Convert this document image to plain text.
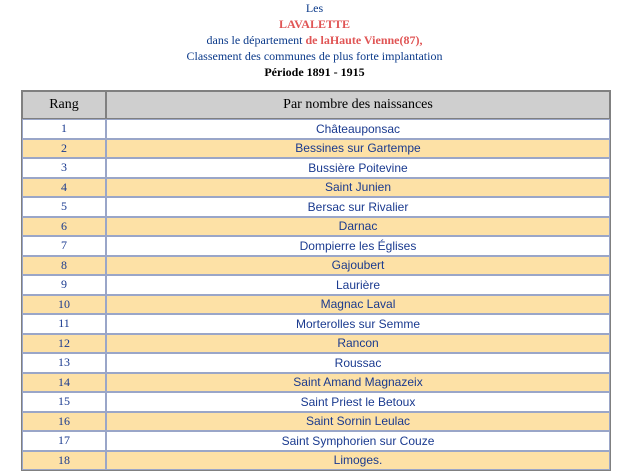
Les
LAVALETTE
dans le département de laHaute Vienne(87),
Classement des communes de plus forte implantation
Période 1891 - 1915
Rang	Par nombre des naissances
1	Châteauponsac
2	Bessines sur Gartempe
3	Bussière Poitevine
4	Saint Junien
5	Bersac sur Rivalier
6	Darnac
7	Dompierre les Églises
8	Gajoubert
9	Laurière
10	Magnac Laval
11	Morterolles sur Semme
12	Rancon
13	Roussac
14	Saint Amand Magnazeix
15	Saint Priest le Betoux
16	Saint Sornin Leulac
17	Saint Symphorien sur Couze
18	Limoges.
